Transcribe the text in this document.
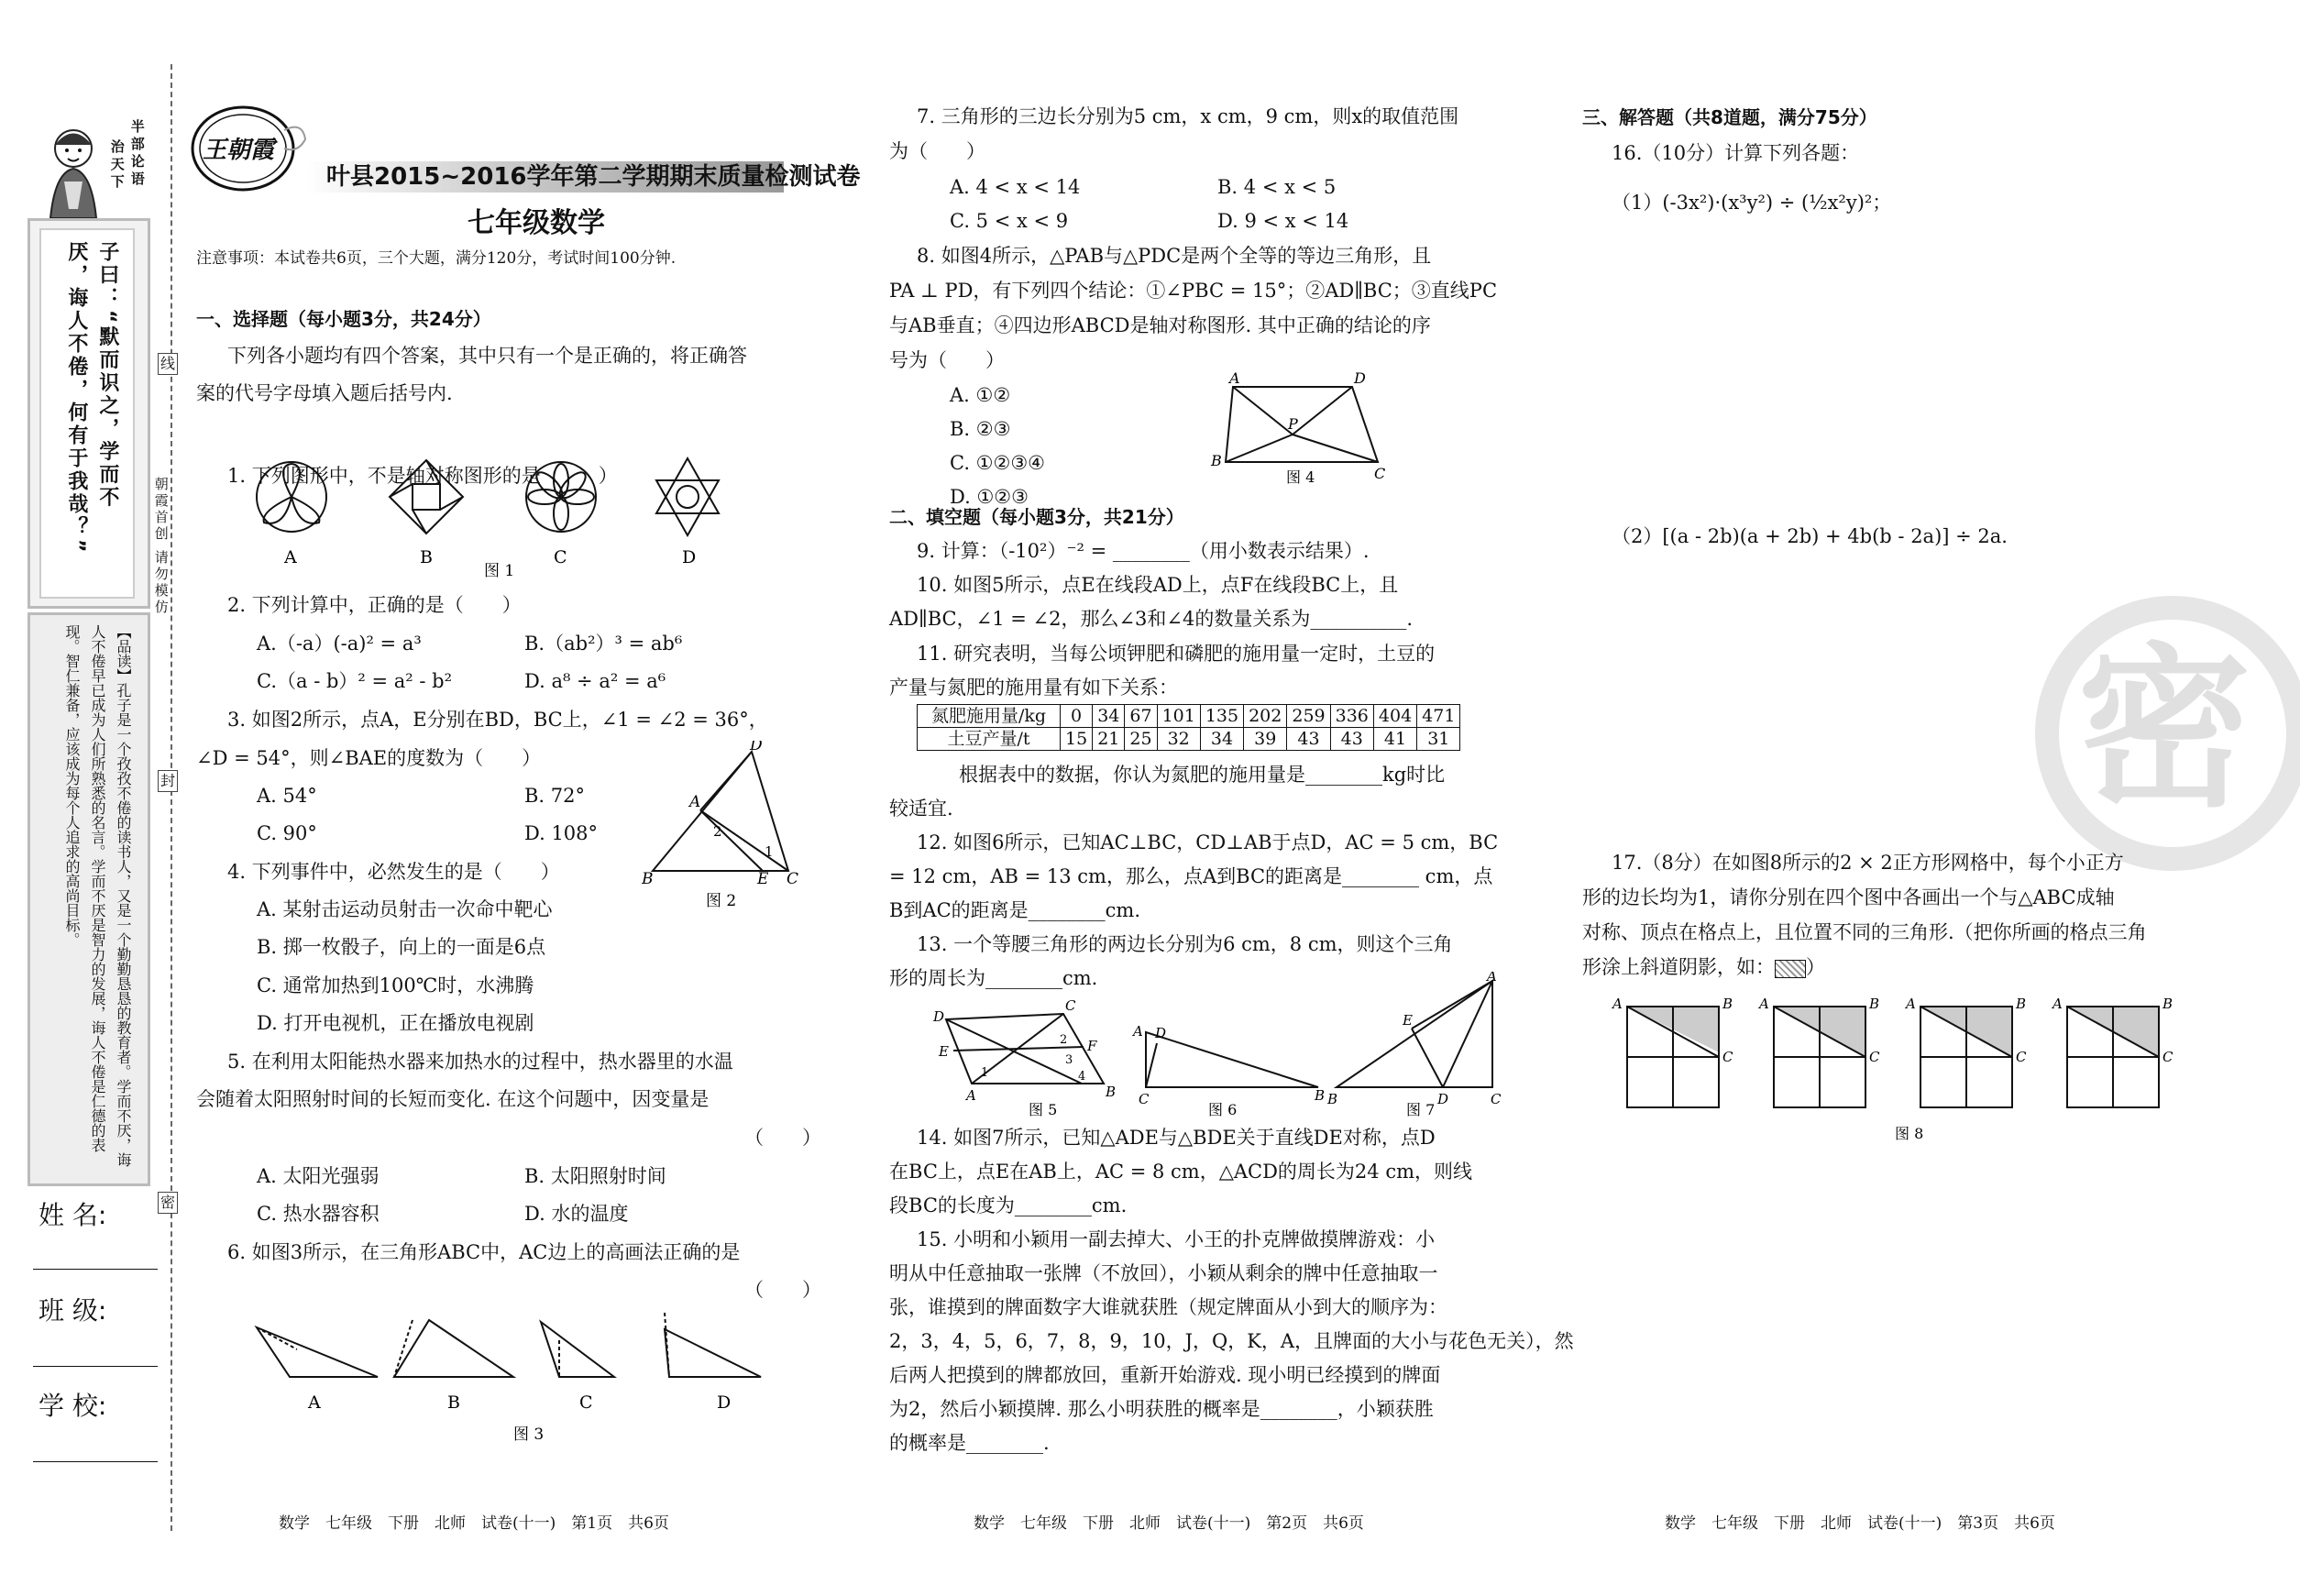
半部论语
治天下
子曰：“默而识之，学而不
厌，诲人不倦，何有于我哉？”
【品读】孔子是一个孜孜不倦的读书人，又是一个勤勤恳恳的教育者。学而不厌，诲
人不倦早已成为人们所熟悉的名言。学而不厌是智力的发展，诲人不倦是仁德的表
现。智仁兼备，应该成为每个人追求的高尚目标。
线
封
密
朝霞首创 请勿模仿
姓 名:
班 级:
学 校:
王朝霞
叶县2015~2016学年第二学期期末质量检测试卷
七年级数学
注意事项：本试卷共6页，三个大题，满分120分，考试时间100分钟.
一、选择题（每小题3分，共24分）
下列各小题均有四个答案，其中只有一个是正确的，将正确答
案的代号字母填入题后括号内.
1. 下列图形中，不是轴对称图形的是（　　）
A	B	C	D
图 1
2. 下列计算中，正确的是（　　）
A.（-a）(-a)² = a³	B.（ab²）³ = ab⁶
C.（a - b）² = a² - b²	D. a⁸ ÷ a² = a⁶
3. 如图2所示，点A，E分别在BD，BC上，∠1 = ∠2 = 36°，
∠D = 54°，则∠BAE的度数为（　　）
A. 54°	B. 72°
C. 90°	D. 108°
D
A
2
1
B	E C
图 2
4. 下列事件中，必然发生的是（　　）
A. 某射击运动员射击一次命中靶心
B. 掷一枚骰子，向上的一面是6点
C. 通常加热到100℃时，水沸腾
D. 打开电视机，正在播放电视剧
5. 在利用太阳能热水器来加热水的过程中，热水器里的水温
会随着太阳照射时间的长短而变化. 在这个问题中，因变量是
（　　）
A. 太阳光强弱	B. 太阳照射时间
C. 热水器容积	D. 水的温度
6. 如图3所示，在三角形ABC中，AC边上的高画法正确的是
（　　）
A	B	C	D
图 3
7. 三角形的三边长分别为5 cm，x cm，9 cm，则x的取值范围
为（　　）
A. 4 < x < 14	B. 4 < x < 5
C. 5 < x < 9	D. 9 < x < 14
8. 如图4所示，△PAB与△PDC是两个全等的等边三角形，且
PA ⊥ PD，有下列四个结论：①∠PBC = 15°；②AD∥BC；③直线PC
与AB垂直；④四边形ABCD是轴对称图形. 其中正确的结论的序
号为（　　）
A. ①②
B. ②③
C. ①②③④
D. ①②③
A	D
P
B
C
图 4
二、填空题（每小题3分，共21分）
9. 计算：（-10²）⁻² = ________（用小数表示结果）.
10. 如图5所示，点E在线段AD上，点F在线段BC上，且
AD∥BC，∠1 = ∠2，那么∠3和∠4的数量关系为__________.
11. 研究表明，当每公顷钾肥和磷肥的施用量一定时，土豆的
产量与氮肥的施用量有如下关系：
氮肥施用量/kg	0	34	67	101	135	202	259	336	404	471
土豆产量/t	15	21	25	32	34	39	43	43	41	31
根据表中的数据，你认为氮肥的施用量是________kg时比
较适宜.
12. 如图6所示，已知AC⊥BC，CD⊥AB于点D，AC = 5 cm，BC
= 12 cm，AB = 13 cm，那么，点A到BC的距离是________ cm，点
B到AC的距离是________cm.
13. 一个等腰三角形的两边长分别为6 cm，8 cm，则这个三角
形的周长为________cm.
D
C
E	F
A	B
1
2
3
4
A D
C	B
A
E
B	D	C
图 5	图 6	图 7
14. 如图7所示，已知△ADE与△BDE关于直线DE对称，点D
在BC上，点E在AB上，AC = 8 cm，△ACD的周长为24 cm，则线
段BC的长度为________cm.
15. 小明和小颖用一副去掉大、小王的扑克牌做摸牌游戏：小
明从中任意抽取一张牌（不放回），小颖从剩余的牌中任意抽取一
张，谁摸到的牌面数字大谁就获胜（规定牌面从小到大的顺序为：
2，3，4，5，6，7，8，9，10，J，Q，K，A，且牌面的大小与花色无关），然
后两人把摸到的牌都放回，重新开始游戏. 现小明已经摸到的牌面
为2，然后小颖摸牌. 那么小明获胜的概率是________，小颖获胜
的概率是________.
密
三、解答题（共8道题，满分75分）
16.（10分）计算下列各题：
（1）(-3x²)·(x³y²) ÷ (½x²y)²；
（2）[(a - 2b)(a + 2b) + 4b(b - 2a)] ÷ 2a.
17.（8分）在如图8所示的2 × 2正方形网格中，每个小正方
形的边长均为1，请你分别在四个图中各画出一个与△ABC成轴
对称、顶点在格点上，且位置不同的三角形.（把你所画的格点三角
形涂上斜道阴影，如： ）
A	B
C
A	B
C
A	B
C
A	B
C
图 8
数学　七年级　下册　北师　试卷(十一)　第1页　共6页	数学　七年级　下册　北师　试卷(十一)　第2页　共6页	数学　七年级　下册　北师　试卷(十一)　第3页　共6页
